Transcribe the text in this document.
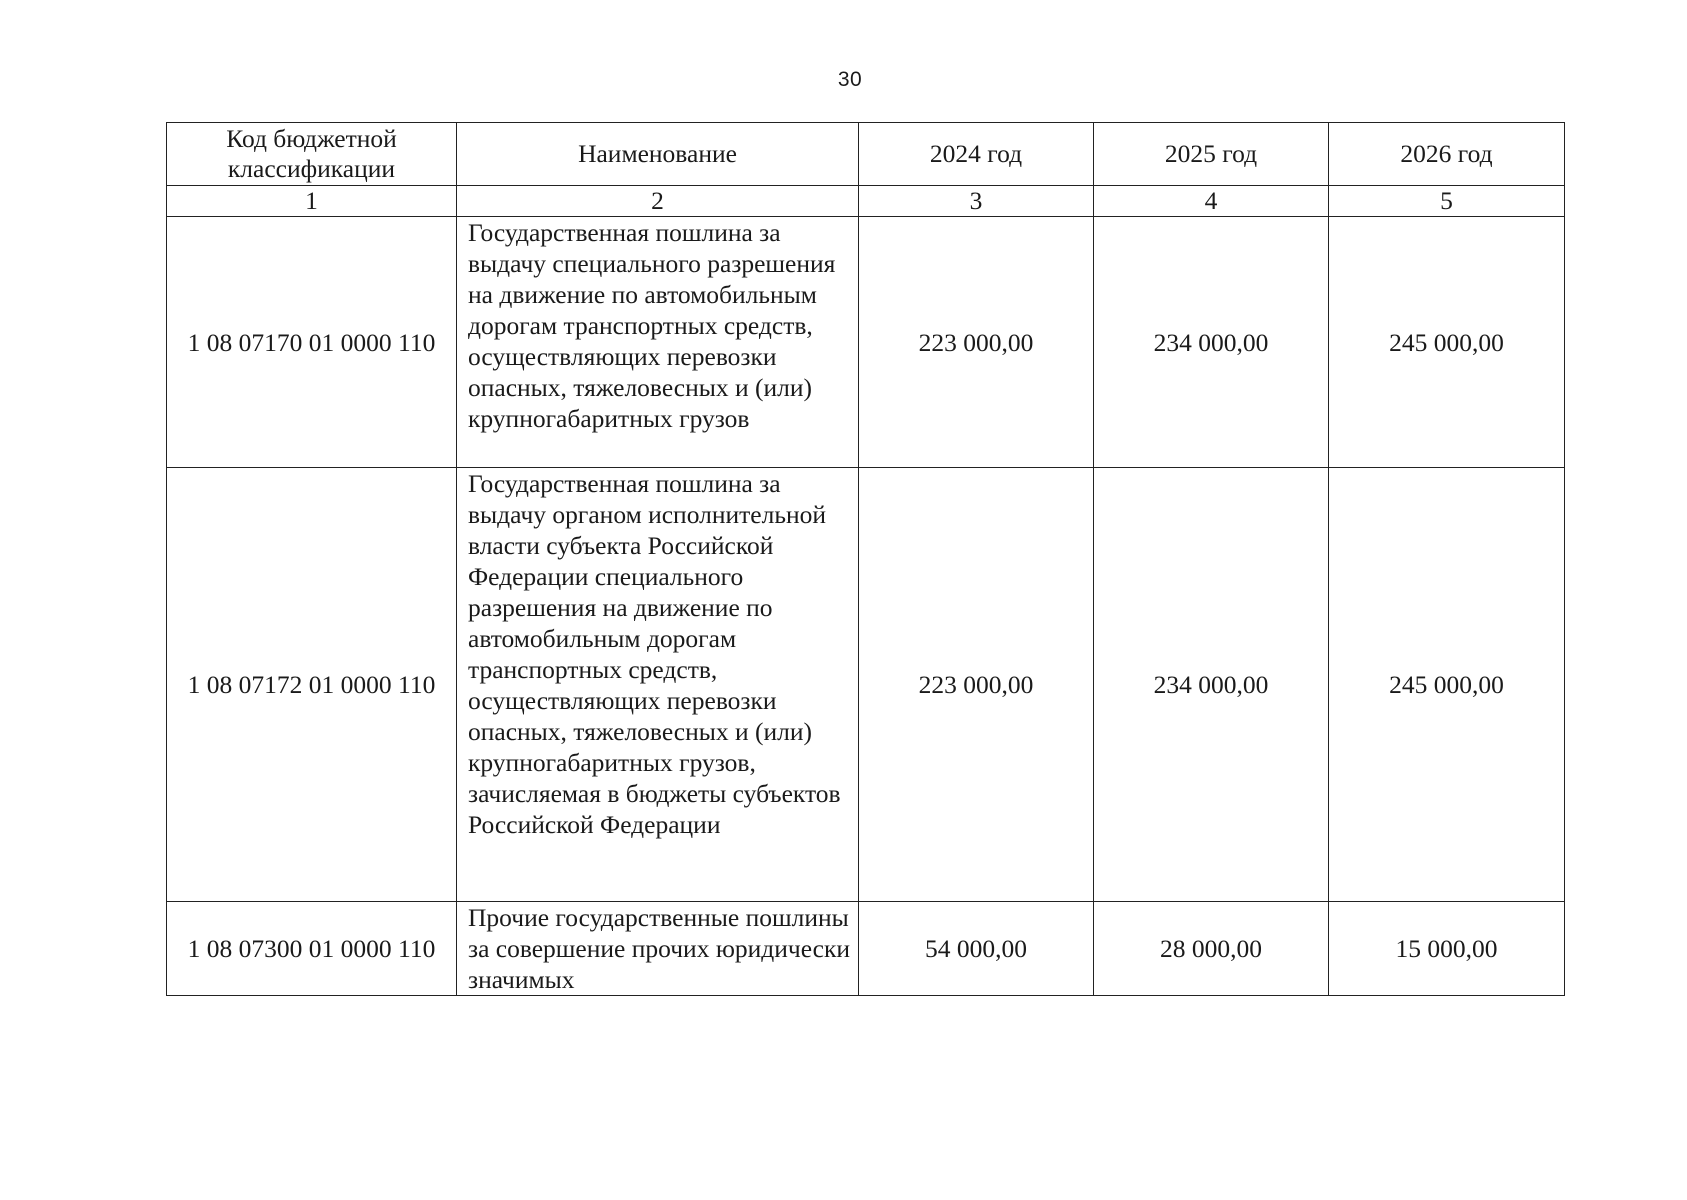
30
Код бюджетной классификации	Наименование	2024 год	2025 год	2026 год
1	2	3	4	5
1 08 07170 01 0000 110	Государственная пошлина за выдачу специального разрешения на движение по автомобильным дорогам транспортных средств, осуществляющих перевозки опасных, тяжеловесных и (или) крупногабаритных грузов	223 000,00	234 000,00	245 000,00
1 08 07172 01 0000 110	Государственная пошлина за выдачу органом исполнительной власти субъекта Российской Федерации специального разрешения на движение по автомобильным дорогам транспортных средств, осуществляющих перевозки опасных, тяжеловесных и (или) крупногабаритных грузов, зачисляемая в бюджеты субъектов Российской Федерации	223 000,00	234 000,00	245 000,00
1 08 07300 01 0000 110	Прочие государственные пошлины за совершение прочих юридически значимых	54 000,00	28 000,00	15 000,00
